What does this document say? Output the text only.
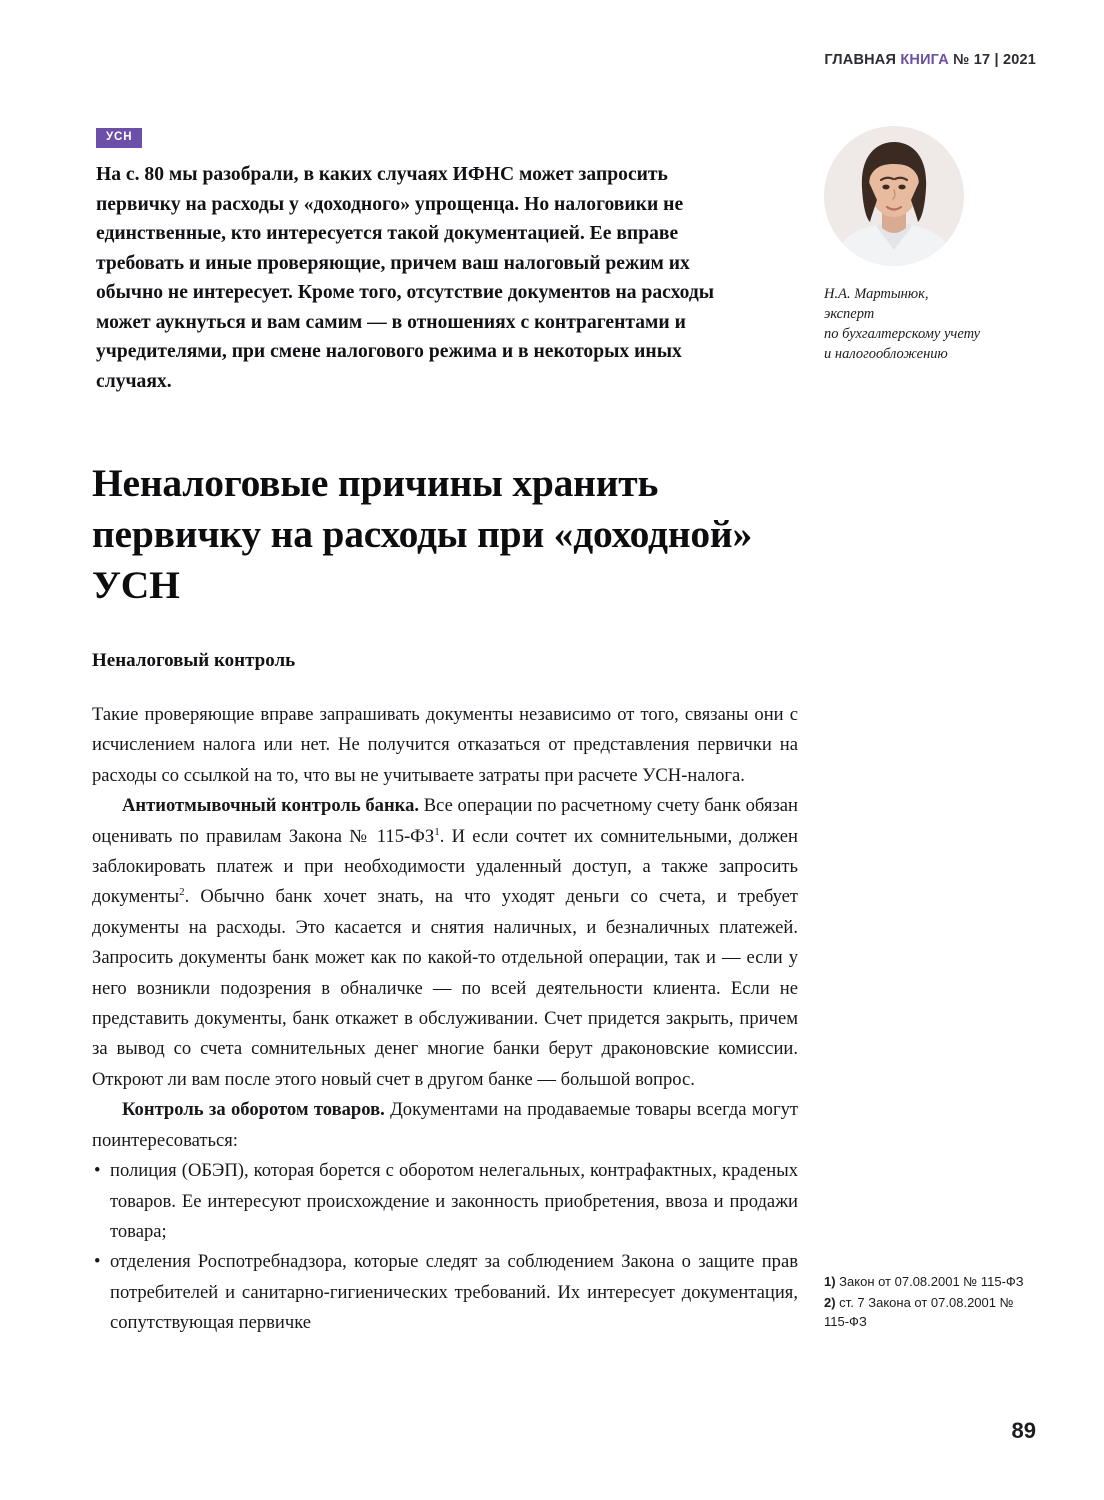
ГЛАВНАЯ КНИГА № 17 | 2021
УСН
На с. 80 мы разобрали, в каких случаях ИФНС может запросить первичку на расходы у «доходного» упрощенца. Но налоговики не единственные, кто интересуется такой документацией. Ее вправе требовать и иные проверяющие, причем ваш налоговый режим их обычно не интересует. Кроме того, отсутствие документов на расходы может аукнуться и вам самим — в отношениях с контрагентами и учредителями, при смене налогового режима и в некоторых иных случаях.
Н.А. Мартынюк,
эксперт
по бухгалтерскому учету
и налогообложению
Неналоговые причины хранить первичку на расходы при «доходной» УСН
Неналоговый контроль

Такие проверяющие вправе запрашивать документы независимо от того, связаны они с исчислением налога или нет. Не получится отказаться от представления первички на расходы со ссылкой на то, что вы не учитываете затраты при расчете УСН-налога.

Антиотмывочный контроль банка. Все операции по расчетному счету банк обязан оценивать по правилам Закона № $115-ФЗ^1$. И если сочтет их сомнительными, должен заблокировать платеж и при необходимости удаленный доступ, а также запросить документы$^2$. Обычно банк хочет знать, на что уходят деньги со счета, и требует документы на расходы. Это касается и снятия наличных, и безналичных платежей. Запросить документы банк может как по какой-то отдельной операции, так и — если у него возникли подозрения в обналичке — по всей деятельности клиента. Если не представить документы, банк откажет в обслуживании. Счет придется закрыть, причем за вывод со счета сомнительных денег многие банки берут драконовские комиссии. Откроют ли вам после этого новый счет в другом банке — большой вопрос.

Контроль за оборотом товаров. Документами на продаваемые товары всегда могут поинтересоваться:

• полиция (ОБЭП), которая борется с оборотом нелегальных, контрафактных, краденых товаров. Ее интересуют происхождение и законность приобретения, ввоза и продажи товара;

• отделения Роспотребнадзора, которые следят за соблюдением Закона о защите прав потребителей и санитарно-гигиенических требований. Их интересует документация, сопутствующая первичке

1) Закон от 07.08.2001 № 115-ФЗ
2) ст. 7 Закона от 07.08.2001 № 115-ФЗ
89
